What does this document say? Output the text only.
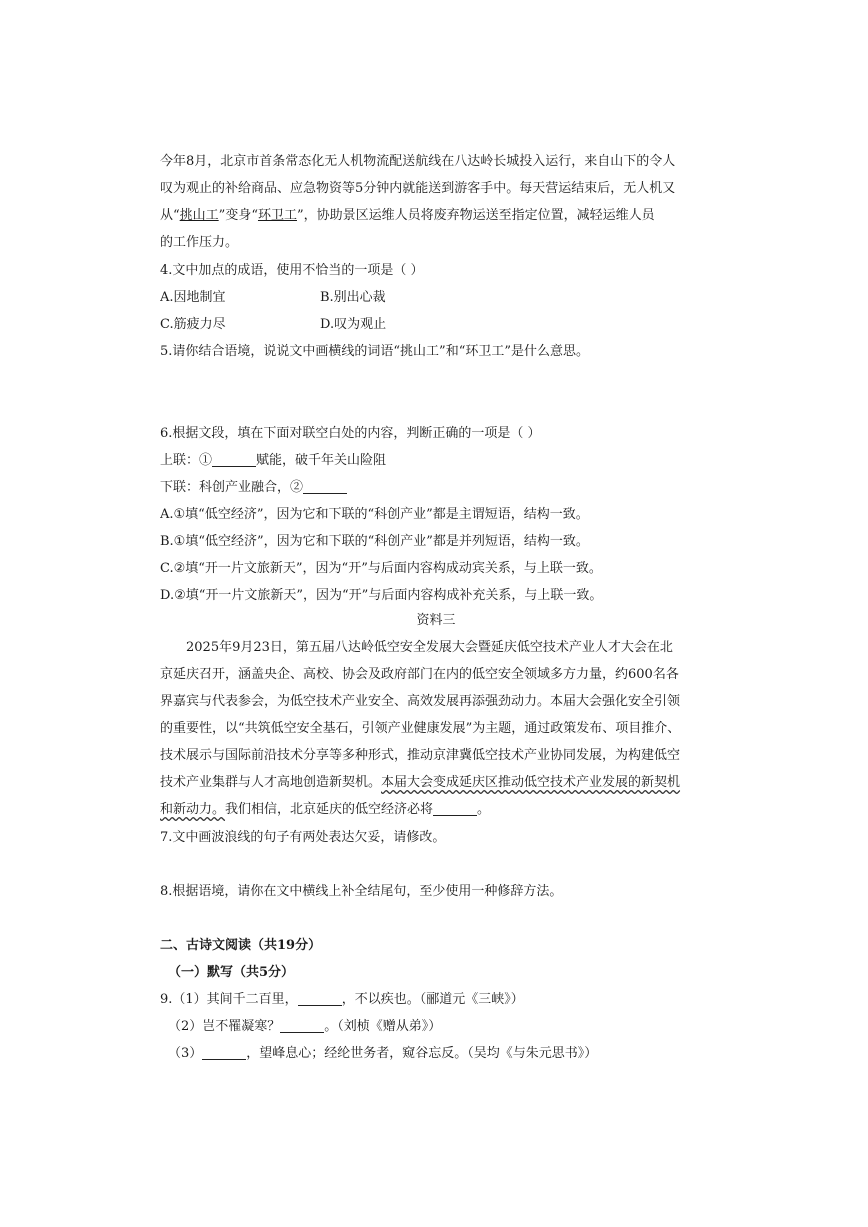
今年8月，北京市首条常态化无人机物流配送航线在八达岭长城投入运行，来自山下的令人
叹为观止的补给商品、应急物资等5分钟内就能送到游客手中。每天营运结束后，无人机又
从“挑山工”变身“环卫工”，协助景区运维人员将废弃物运送至指定位置，减轻运维人员
的工作压力。
4.文中加点的成语，使用不恰当的一项是（ ）
A.因地制宜	B.别出心裁
C.筋疲力尽	D.叹为观止
5.请你结合语境，说说文中画横线的词语“挑山工”和“环卫工”是什么意思。
6.根据文段，填在下面对联空白处的内容，判断正确的一项是（ ）
上联：①	赋能，破千年关山险阻
下联：科创产业融合，②
A.①填“低空经济”，因为它和下联的“科创产业”都是主谓短语，结构一致。
B.①填“低空经济”，因为它和下联的“科创产业”都是并列短语，结构一致。
C.②填“开一片文旅新天”，因为“开”与后面内容构成动宾关系，与上联一致。
D.②填“开一片文旅新天”，因为“开”与后面内容构成补充关系，与上联一致。
资料三
2025年9月23日，第五届八达岭低空安全发展大会暨延庆低空技术产业人才大会在北
京延庆召开，涵盖央企、高校、协会及政府部门在内的低空安全领域多方力量，约600名各
界嘉宾与代表参会，为低空技术产业安全、高效发展再添强劲动力。本届大会强化安全引领
的重要性，以“共筑低空安全基石，引领产业健康发展”为主题，通过政策发布、项目推介、
技术展示与国际前沿技术分享等多种形式，推动京津冀低空技术产业协同发展，为构建低空
技术产业集群与人才高地创造新契机。本届大会变成延庆区推动低空技术产业发展的新契机
和新动力。我们相信，北京延庆的低空经济必将	。
7.文中画波浪线的句子有两处表达欠妥，请修改。
8.根据语境，请你在文中横线上补全结尾句，至少使用一种修辞方法。
二、古诗文阅读（共19分）
（一）默写（共5分）
9.（1）其间千二百里，	，不以疾也。（郦道元《三峡》）
（2）岂不罹凝寒？	。（刘桢《赠从弟》）
（3）	，望峰息心；经纶世务者，窥谷忘反。（吴均《与朱元思书》）
